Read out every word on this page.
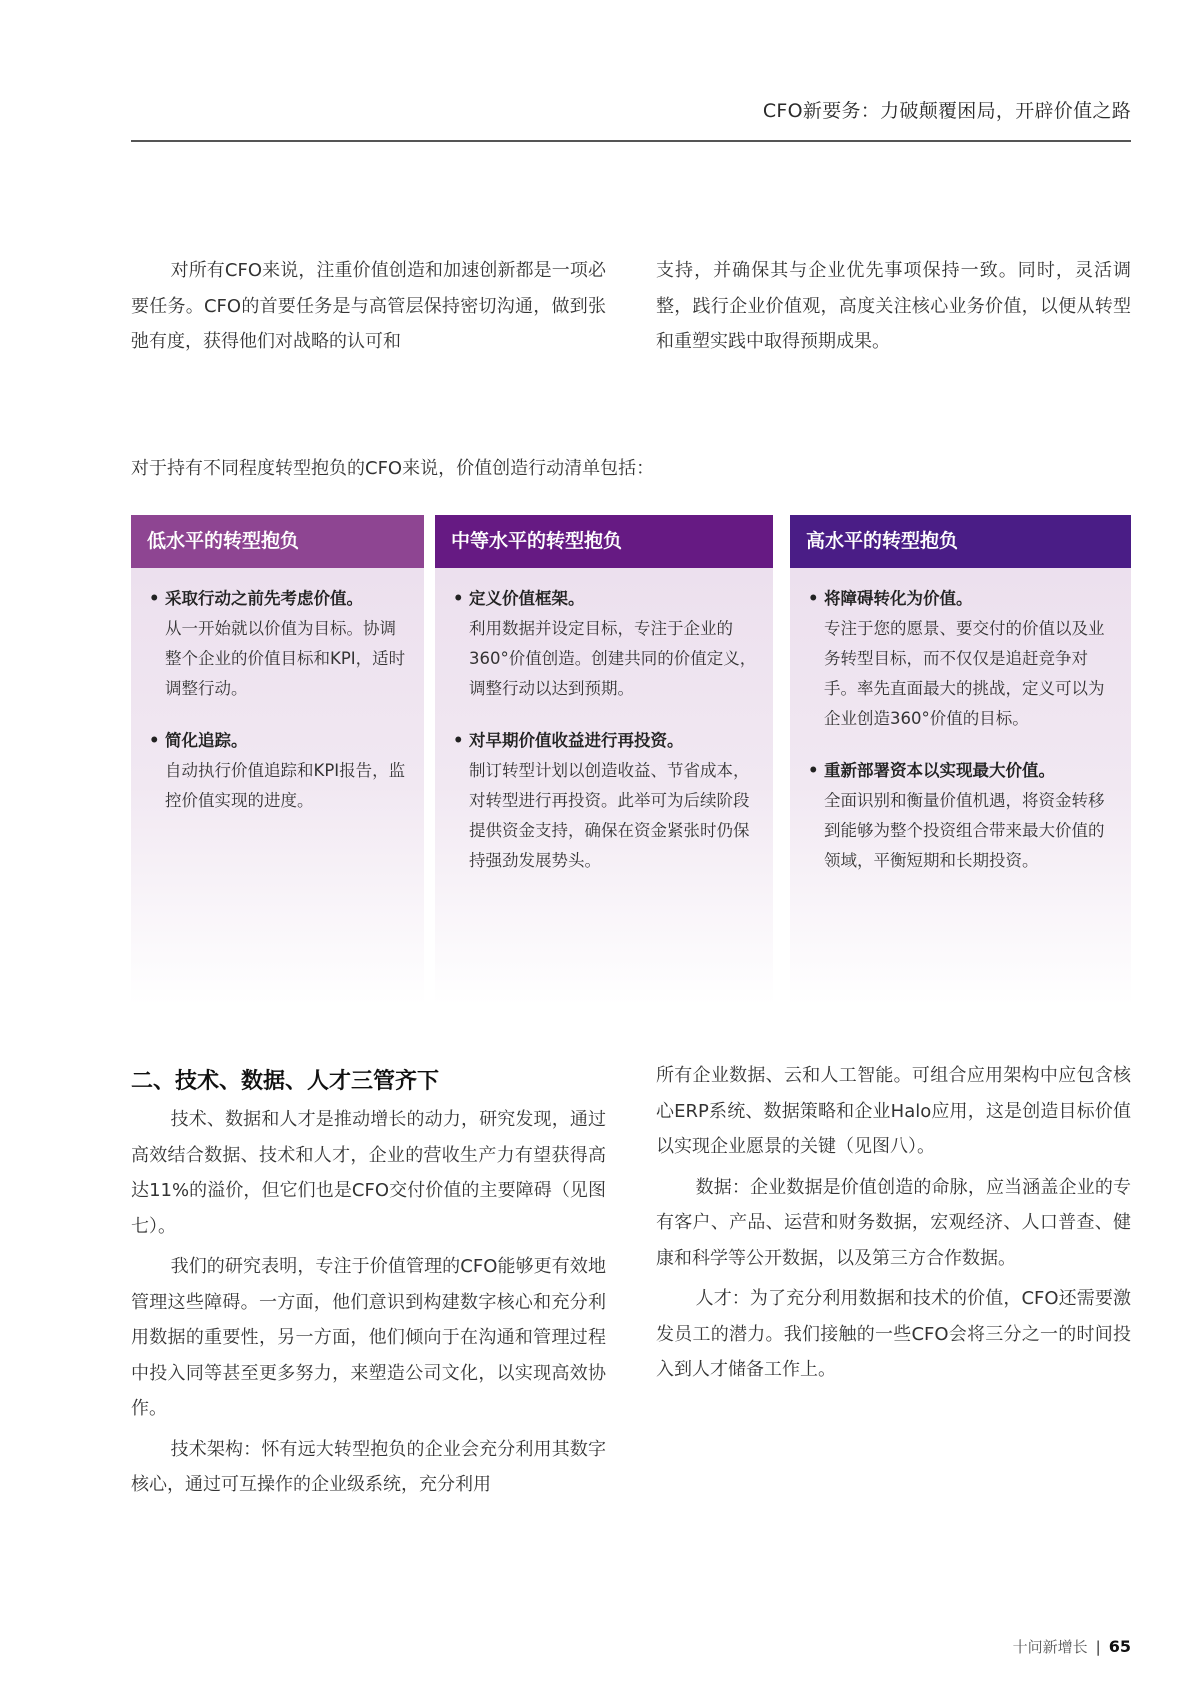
CFO新要务：力破颠覆困局，开辟价值之路

对所有CFO来说，注重价值创造和加速创新都是一项必要任务。CFO的首要任务是与高管层保持密切沟通，做到张弛有度，获得他们对战略的认可和

支持，并确保其与企业优先事项保持一致。同时，灵活调整，践行企业价值观，高度关注核心业务价值，以便从转型和重塑实践中取得预期成果。

对于持有不同程度转型抱负的CFO来说，价值创造行动清单包括：
低水平的转型抱负
• 采取行动之前先考虑价值。
从一开始就以价值为目标。协调整个企业的价值目标和KPI，适时调整行动。
• 简化追踪。
自动执行价值追踪和KPI报告，监控价值实现的进度。
中等水平的转型抱负
• 定义价值框架。
利用数据并设定目标，专注于企业的360°价值创造。创建共同的价值定义，调整行动以达到预期。
• 对早期价值收益进行再投资。
制订转型计划以创造收益、节省成本，对转型进行再投资。此举可为后续阶段提供资金支持，确保在资金紧张时仍保持强劲发展势头。
高水平的转型抱负
• 将障碍转化为价值。
专注于您的愿景、要交付的价值以及业务转型目标，而不仅仅是追赶竞争对手。率先直面最大的挑战，定义可以为企业创造360°价值的目标。
• 重新部署资本以实现最大价值。
全面识别和衡量价值机遇，将资金转移到能够为整个投资组合带来最大价值的领域，平衡短期和长期投资。
二、技术、数据、人才三管齐下

技术、数据和人才是推动增长的动力，研究发现，通过高效结合数据、技术和人才，企业的营收生产力有望获得高达11%的溢价，但它们也是CFO交付价值的主要障碍（见图七）。

我们的研究表明，专注于价值管理的CFO能够更有效地管理这些障碍。一方面，他们意识到构建数字核心和充分利用数据的重要性，另一方面，他们倾向于在沟通和管理过程中投入同等甚至更多努力，来塑造公司文化，以实现高效协作。

技术架构：怀有远大转型抱负的企业会充分利用其数字核心，通过可互操作的企业级系统，充分利用

所有企业数据、云和人工智能。可组合应用架构中应包含核心ERP系统、数据策略和企业Halo应用，这是创造目标价值以实现企业愿景的关键（见图八）。

数据：企业数据是价值创造的命脉，应当涵盖企业的专有客户、产品、运营和财务数据，宏观经济、人口普查、健康和科学等公开数据，以及第三方合作数据。

人才：为了充分利用数据和技术的价值，CFO还需要激发员工的潜力。我们接触的一些CFO会将三分之一的时间投入到人才储备工作上。

十问新增长 | 65
